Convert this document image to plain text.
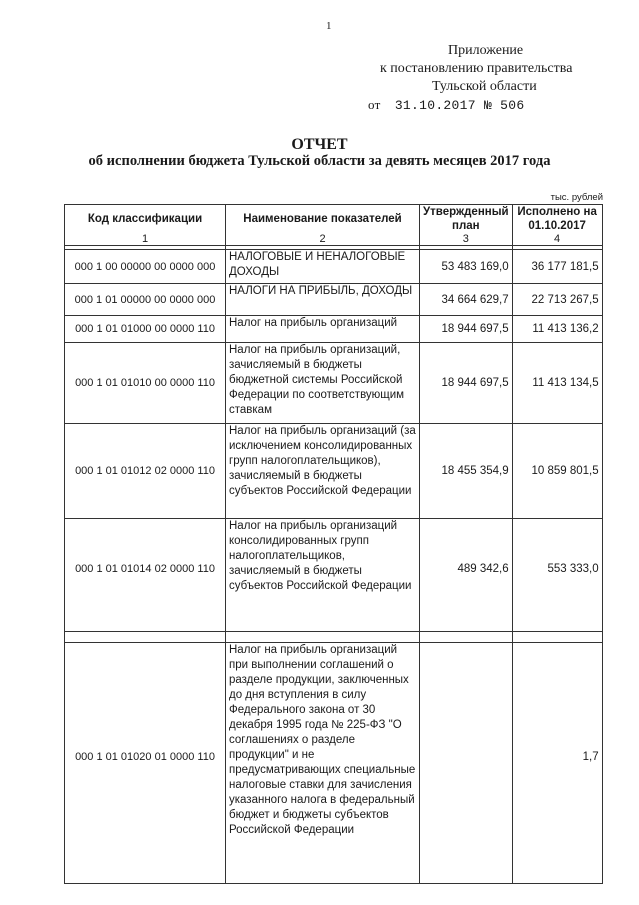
1
Приложение
к постановлению правительства
Тульской области
от 31.10.2017 № 506
ОТЧЕТ
об исполнении бюджета Тульской области за девять месяцев 2017 года
тыс. рублей
Код классификации	Наименование показателей	Утвержденный план	Исполнено на 01.10.2017
1	2	3	4

000 1 00 00000 00 0000 000	НАЛОГОВЫЕ И НЕНАЛОГОВЫЕ ДОХОДЫ	53 483 169,0	36 177 181,5
000 1 01 00000 00 0000 000	НАЛОГИ НА ПРИБЫЛЬ, ДОХОДЫ	34 664 629,7	22 713 267,5
000 1 01 01000 00 0000 110	Налог на прибыль организаций	18 944 697,5	11 413 136,2
000 1 01 01010 00 0000 110	Налог на прибыль организаций, зачисляемый в бюджеты бюджетной системы Российской Федерации по соответствующим ставкам	18 944 697,5	11 413 134,5
000 1 01 01012 02 0000 110	Налог на прибыль организаций (за исключением консолидированных групп налогоплательщиков), зачисляемый в бюджеты субъектов Российской Федерации	18 455 354,9	10 859 801,5
000 1 01 01014 02 0000 110	Налог на прибыль организаций консолидированных групп налогоплательщиков, зачисляемый в бюджеты субъектов Российской Федерации	489 342,6	553 333,0

000 1 01 01020 01 0000 110	Налог на прибыль организаций при выполнении соглашений о разделе продукции, заключенных до дня вступления в силу Федерального закона от 30 декабря 1995 года № 225-ФЗ "О соглашениях о разделе продукции" и не предусматривающих специальные налоговые ставки для зачисления указанного налога в федеральный бюджет и бюджеты субъектов Российской Федерации		1,7
